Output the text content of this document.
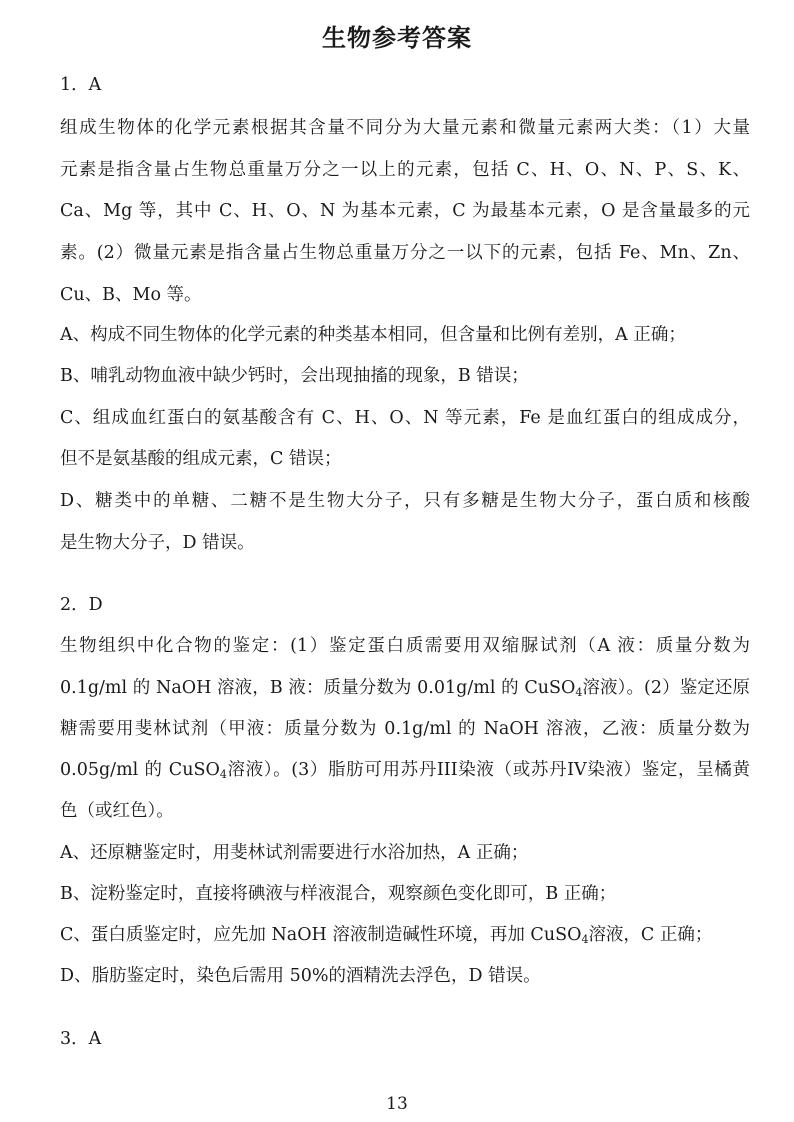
生物参考答案
1．A
组成生物体的化学元素根据其含量不同分为大量元素和微量元素两大类：（1）大量
元素是指含量占生物总重量万分之一以上的元素，包括 C、H、O、N、P、S、K、
Ca、Mg 等，其中 C、H、O、N 为基本元素，C 为最基本元素，O 是含量最多的元
素。(2）微量元素是指含量占生物总重量万分之一以下的元素，包括 Fe、Mn、Zn、
Cu、B、Mo 等。
A、构成不同生物体的化学元素的种类基本相同，但含量和比例有差别，A 正确；
B、哺乳动物血液中缺少钙时，会出现抽搐的现象，B 错误；
C、组成血红蛋白的氨基酸含有 C、H、O、N 等元素，Fe 是血红蛋白的组成成分，
但不是氨基酸的组成元素，C 错误；
D、糖类中的单糖、二糖不是生物大分子，只有多糖是生物大分子，蛋白质和核酸
是生物大分子，D 错误。
2．D
生物组织中化合物的鉴定：(1）鉴定蛋白质需要用双缩脲试剂（A 液：质量分数为
0.1g/ml 的 NaOH 溶液，B 液：质量分数为 0.01g/ml 的 CuSO$_4$溶液）。(2）鉴定还原
糖需要用斐林试剂（甲液：质量分数为 0.1g/ml 的 NaOH 溶液，乙液：质量分数为
0.05g/ml 的 CuSO$_4$溶液）。(3）脂肪可用苏丹III染液（或苏丹IV染液）鉴定，呈橘黄
色（或红色）。
A、还原糖鉴定时，用斐林试剂需要进行水浴加热，A 正确；
B、淀粉鉴定时，直接将碘液与样液混合，观察颜色变化即可，B 正确；
C、蛋白质鉴定时，应先加 NaOH 溶液制造碱性环境，再加 CuSO$_4$溶液，C 正确；
D、脂肪鉴定时，染色后需用 50%的酒精洗去浮色，D 错误。
3．A
13
